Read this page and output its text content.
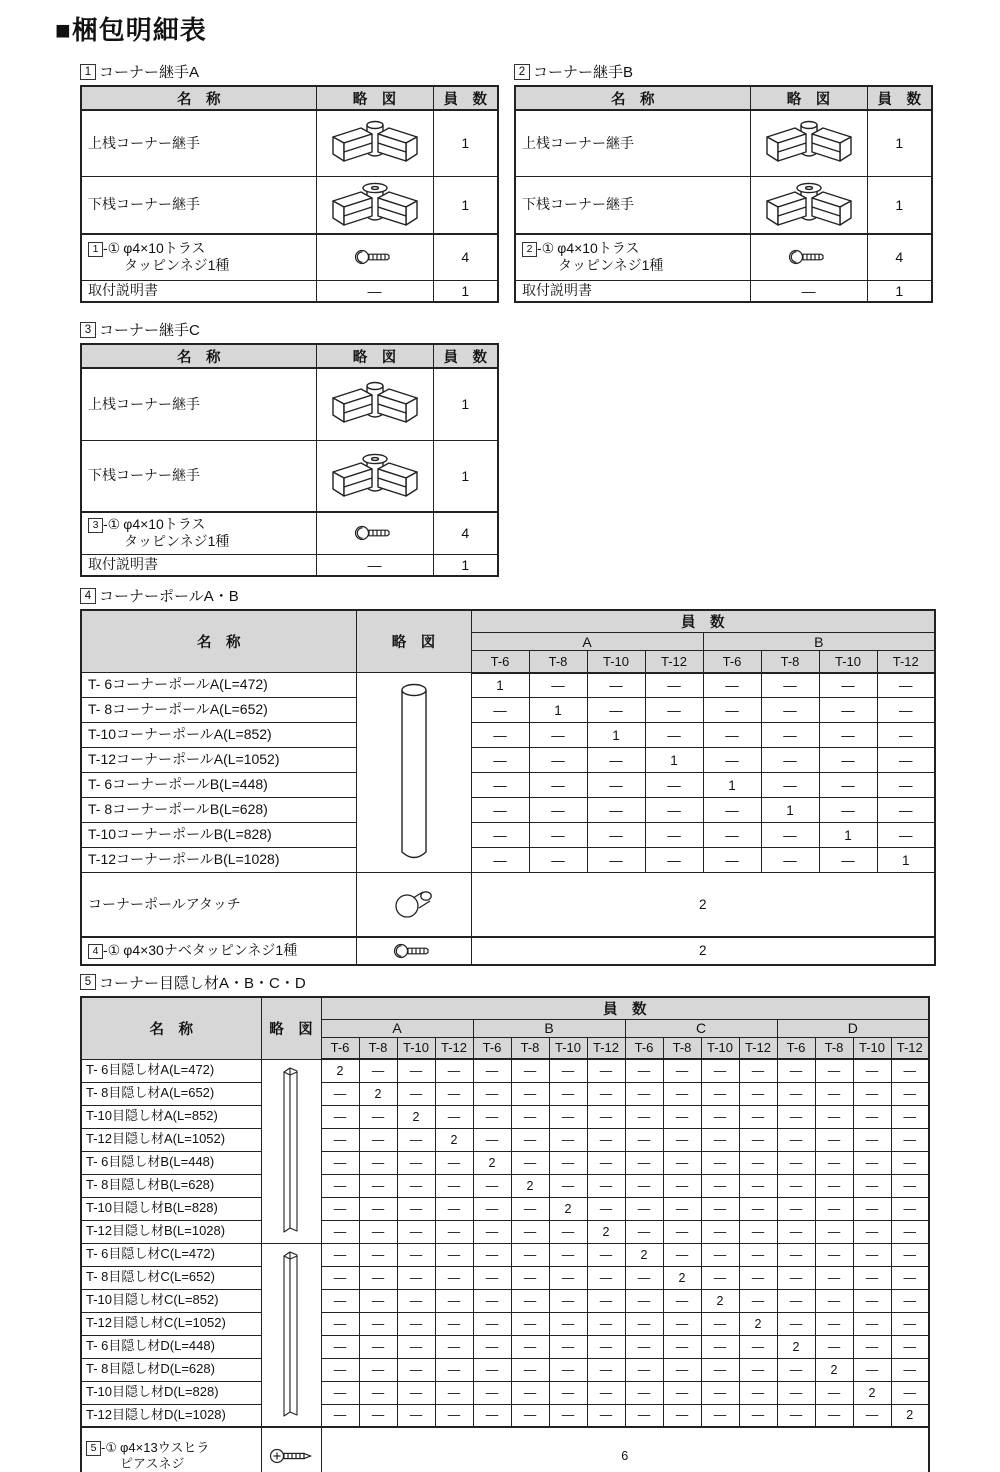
■梱包明細表
1 コーナー継手A
名　称	略　図	員　数
上桟コーナー継手		1
下桟コーナー継手		1
1 -① φ4×10トラス
タッピンネジ1種		4
取付説明書	—	1
2 コーナー継手B
名　称	略　図	員　数
上桟コーナー継手		1
下桟コーナー継手		1
2 -① φ4×10トラス
タッピンネジ1種		4
取付説明書	—	1
3 コーナー継手C
名　称	略　図	員　数
上桟コーナー継手		1
下桟コーナー継手		1
3 -① φ4×10トラス
タッピンネジ1種		4
取付説明書	—	1
4 コーナーポールA・B
名　称	略　図	員　数							
		A				B			
		T-6	T-8	T-10	T-12	T-6	T-8	T-10	T-12
T- 6コーナーポールA(L=472)		1	—	—	—	—	—	—	—
T- 8コーナーポールA(L=652)		—	1	—	—	—	—	—	—
T-10コーナーポールA(L=852)		—	—	1	—	—	—	—	—
T-12コーナーポールA(L=1052)		—	—	—	1	—	—	—	—
T- 6コーナーポールB(L=448)		—	—	—	—	1	—	—	—
T- 8コーナーポールB(L=628)		—	—	—	—	—	1	—	—
T-10コーナーポールB(L=828)		—	—	—	—	—	—	1	—
T-12コーナーポールB(L=1028)		—	—	—	—	—	—	—	1
コーナーポールアタッチ		2							
4 -① φ4×30ナベタッピンネジ1種		2							
5 コーナー目隠し材A・B・C・D
名　称	略　図	員　数															
		A				B				C				D			
		T-6	T-8	T-10	T-12	T-6	T-8	T-10	T-12	T-6	T-8	T-10	T-12	T-6	T-8	T-10	T-12
T- 6目隠し材A(L=472)		2	—	—	—	—	—	—	—	—	—	—	—	—	—	—	—
T- 8目隠し材A(L=652)		—	2	—	—	—	—	—	—	—	—	—	—	—	—	—	—
T-10目隠し材A(L=852)		—	—	2	—	—	—	—	—	—	—	—	—	—	—	—	—
T-12目隠し材A(L=1052)		—	—	—	2	—	—	—	—	—	—	—	—	—	—	—	—
T- 6目隠し材B(L=448)		—	—	—	—	2	—	—	—	—	—	—	—	—	—	—	—
T- 8目隠し材B(L=628)		—	—	—	—	—	2	—	—	—	—	—	—	—	—	—	—
T-10目隠し材B(L=828)		—	—	—	—	—	—	2	—	—	—	—	—	—	—	—	—
T-12目隠し材B(L=1028)		—	—	—	—	—	—	—	2	—	—	—	—	—	—	—	—
T- 6目隠し材C(L=472)		—	—	—	—	—	—	—	—	2	—	—	—	—	—	—	—
T- 8目隠し材C(L=652)		—	—	—	—	—	—	—	—	—	2	—	—	—	—	—	—
T-10目隠し材C(L=852)		—	—	—	—	—	—	—	—	—	—	2	—	—	—	—	—
T-12目隠し材C(L=1052)		—	—	—	—	—	—	—	—	—	—	—	2	—	—	—	—
T- 6目隠し材D(L=448)		—	—	—	—	—	—	—	—	—	—	—	—	2	—	—	—
T- 8目隠し材D(L=628)		—	—	—	—	—	—	—	—	—	—	—	—	—	2	—	—
T-10目隠し材D(L=828)		—	—	—	—	—	—	—	—	—	—	—	—	—	—	2	—
T-12目隠し材D(L=1028)		—	—	—	—	—	—	—	—	—	—	—	—	—	—	—	2
5 -① φ4×13ウスヒラ
ピアスネジ		6															
